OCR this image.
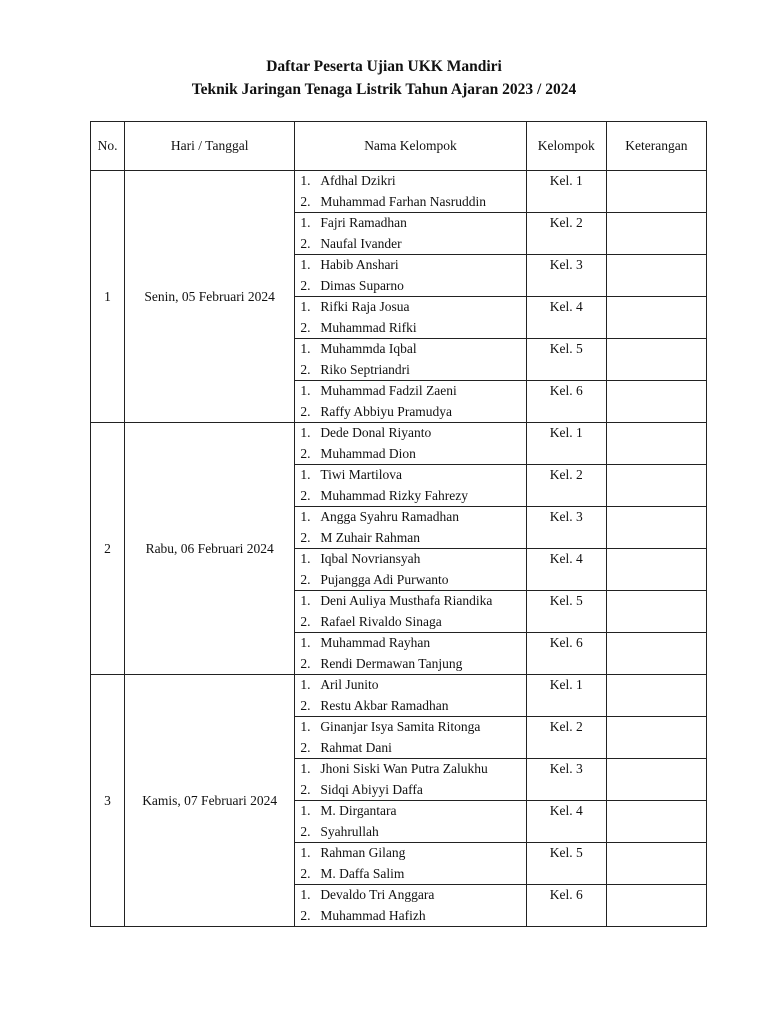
Daftar Peserta Ujian UKK Mandiri
Teknik Jaringan Tenaga Listrik Tahun Ajaran 2023 / 2024
No.	Hari / Tanggal	Nama Kelompok	Kelompok	Keterangan
1	Senin, 05 Februari 2024	1. Afdhal Dzikri
2. Muhammad Farhan Nasruddin	Kel. 1	

		1. Fajri Ramadhan
2. Naufal Ivander	Kel. 2	

		1. Habib Anshari
2. Dimas Suparno	Kel. 3	

		1. Rifki Raja Josua
2. Muhammad Rifki	Kel. 4	

		1. Muhammda Iqbal
2. Riko Septriandri	Kel. 5	

		1. Muhammad Fadzil Zaeni
2. Raffy Abbiyu Pramudya	Kel. 6	
2	Rabu, 06 Februari 2024	1. Dede Donal Riyanto
2. Muhammad Dion	Kel. 1	

		1. Tiwi Martilova
2. Muhammad Rizky Fahrezy	Kel. 2	

		1. Angga Syahru Ramadhan
2. M Zuhair Rahman	Kel. 3	

		1. Iqbal Novriansyah
2. Pujangga Adi Purwanto	Kel. 4	

		1. Deni Auliya Musthafa Riandika
2. Rafael Rivaldo Sinaga	Kel. 5	

		1. Muhammad Rayhan
2. Rendi Dermawan Tanjung	Kel. 6	
3	Kamis, 07 Februari 2024	1. Aril Junito
2. Restu Akbar Ramadhan	Kel. 1	

		1. Ginanjar Isya Samita Ritonga
2. Rahmat Dani	Kel. 2	

		1. Jhoni Siski Wan Putra Zalukhu
2. Sidqi Abiyyi Daffa	Kel. 3	

		1. M. Dirgantara
2. Syahrullah	Kel. 4	

		1. Rahman Gilang
2. M. Daffa Salim	Kel. 5	

		1. Devaldo Tri Anggara
2. Muhammad Hafizh	Kel. 6	
